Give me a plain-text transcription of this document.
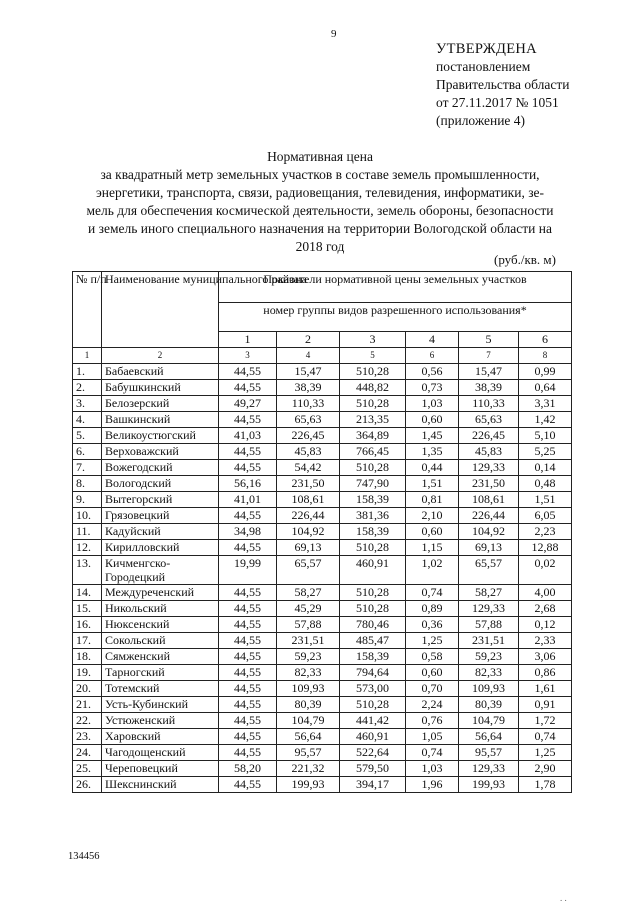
9
УТВЕРЖДЕНА
постановлением
Правительства области
от 27.11.2017 № 1051
(приложение 4)
Нормативная цена
за квадратный метр земельных участков в составе земель промышленности,
энергетики, транспорта, связи, радиовещания, телевидения, информатики, зе-
мель для обеспечения космической деятельности, земель обороны, безопасности
и земель иного специального назначения на территории Вологодской области на
2018 год
(руб./кв. м)
№ п/п	Наименование муниципального района	Показатели нормативной цены земельных участков					
		номер группы видов разрешенного использования*					
		1	2	3	4	5	6
1	2	3	4	5	6	7	8
1.	Бабаевский	44,55	15,47	510,28	0,56	15,47	0,99
2.	Бабушкинский	44,55	38,39	448,82	0,73	38,39	0,64
3.	Белозерский	49,27	110,33	510,28	1,03	110,33	3,31
4.	Вашкинский	44,55	65,63	213,35	0,60	65,63	1,42
5.	Великоустюгский	41,03	226,45	364,89	1,45	226,45	5,10
6.	Верховажский	44,55	45,83	766,45	1,35	45,83	5,25
7.	Вожегодский	44,55	54,42	510,28	0,44	129,33	0,14
8.	Вологодский	56,16	231,50	747,90	1,51	231,50	0,48
9.	Вытегорский	41,01	108,61	158,39	0,81	108,61	1,51
10.	Грязовецкий	44,55	226,44	381,36	2,10	226,44	6,05
11.	Кадуйский	34,98	104,92	158,39	0,60	104,92	2,23
12.	Кирилловский	44,55	69,13	510,28	1,15	69,13	12,88
13.	Кичменгско-
Городецкий	19,99	65,57	460,91	1,02	65,57	0,02
14.	Междуреченский	44,55	58,27	510,28	0,74	58,27	4,00
15.	Никольский	44,55	45,29	510,28	0,89	129,33	2,68
16.	Нюксенский	44,55	57,88	780,46	0,36	57,88	0,12
17.	Сокольский	44,55	231,51	485,47	1,25	231,51	2,33
18.	Сямженский	44,55	59,23	158,39	0,58	59,23	3,06
19.	Тарногский	44,55	82,33	794,64	0,60	82,33	0,86
20.	Тотемский	44,55	109,93	573,00	0,70	109,93	1,61
21.	Усть-Кубинский	44,55	80,39	510,28	2,24	80,39	0,91
22.	Устюженский	44,55	104,79	441,42	0,76	104,79	1,72
23.	Харовский	44,55	56,64	460,91	1,05	56,64	0,74
24.	Чагодощенский	44,55	95,57	522,64	0,74	95,57	1,25
25.	Череповецкий	58,20	221,32	579,50	1,03	129,33	2,90
26.	Шекснинский	44,55	199,93	394,17	1,96	199,93	1,78
134456
. .
